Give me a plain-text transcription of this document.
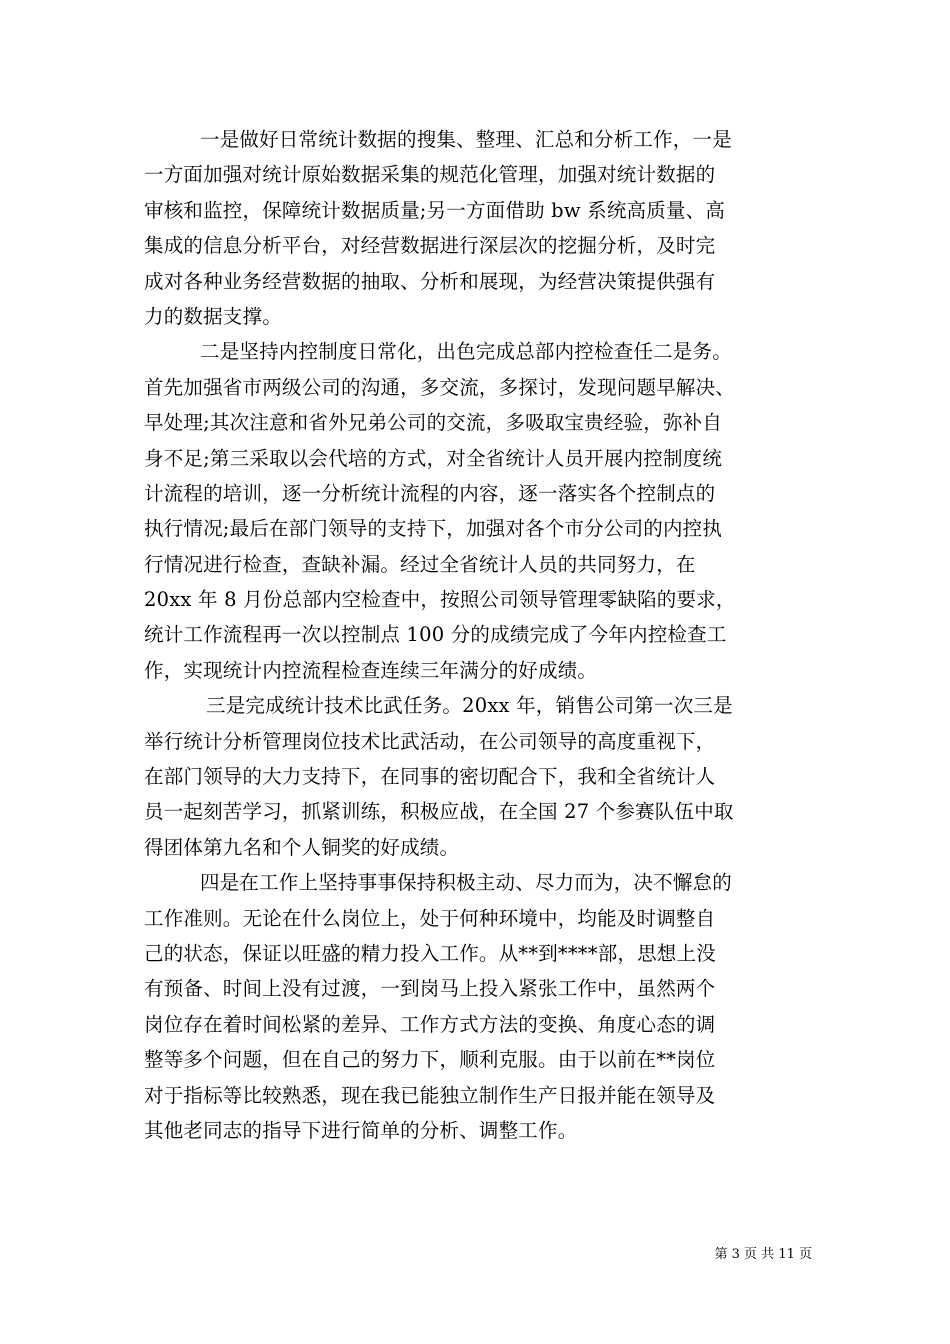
一是做好日常统计数据的搜集、整理、汇总和分析工作，一是
一方面加强对统计原始数据采集的规范化管理，加强对统计数据的
审核和监控，保障统计数据质量;另一方面借助 bw 系统高质量、高
集成的信息分析平台，对经营数据进行深层次的挖掘分析，及时完
成对各种业务经营数据的抽取、分析和展现，为经营决策提供强有
力的数据支撑。
二是坚持内控制度日常化，出色完成总部内控检查任二是务。
首先加强省市两级公司的沟通，多交流，多探讨，发现问题早解决、
早处理;其次注意和省外兄弟公司的交流，多吸取宝贵经验，弥补自
身不足;第三采取以会代培的方式，对全省统计人员开展内控制度统
计流程的培训，逐一分析统计流程的内容，逐一落实各个控制点的
执行情况;最后在部门领导的支持下，加强对各个市分公司的内控执
行情况进行检查，查缺补漏。经过全省统计人员的共同努力，在
20xx 年 8 月份总部内空检查中，按照公司领导管理零缺陷的要求，
统计工作流程再一次以控制点 100 分的成绩完成了今年内控检查工
作，实现统计内控流程检查连续三年满分的好成绩。
三是完成统计技术比武任务。20xx 年，销售公司第一次三是
举行统计分析管理岗位技术比武活动，在公司领导的高度重视下，
在部门领导的大力支持下，在同事的密切配合下，我和全省统计人
员一起刻苦学习，抓紧训练，积极应战，在全国 27 个参赛队伍中取
得团体第九名和个人铜奖的好成绩。
四是在工作上坚持事事保持积极主动、尽力而为，决不懈怠的
工作准则。无论在什么岗位上，处于何种环境中，均能及时调整自
己的状态，保证以旺盛的精力投入工作。从**到****部，思想上没
有预备、时间上没有过渡，一到岗马上投入紧张工作中，虽然两个
岗位存在着时间松紧的差异、工作方式方法的变换、角度心态的调
整等多个问题，但在自己的努力下，顺利克服。由于以前在**岗位
对于指标等比较熟悉，现在我已能独立制作生产日报并能在领导及
其他老同志的指导下进行简单的分析、调整工作。
第 3 页 共 11 页
